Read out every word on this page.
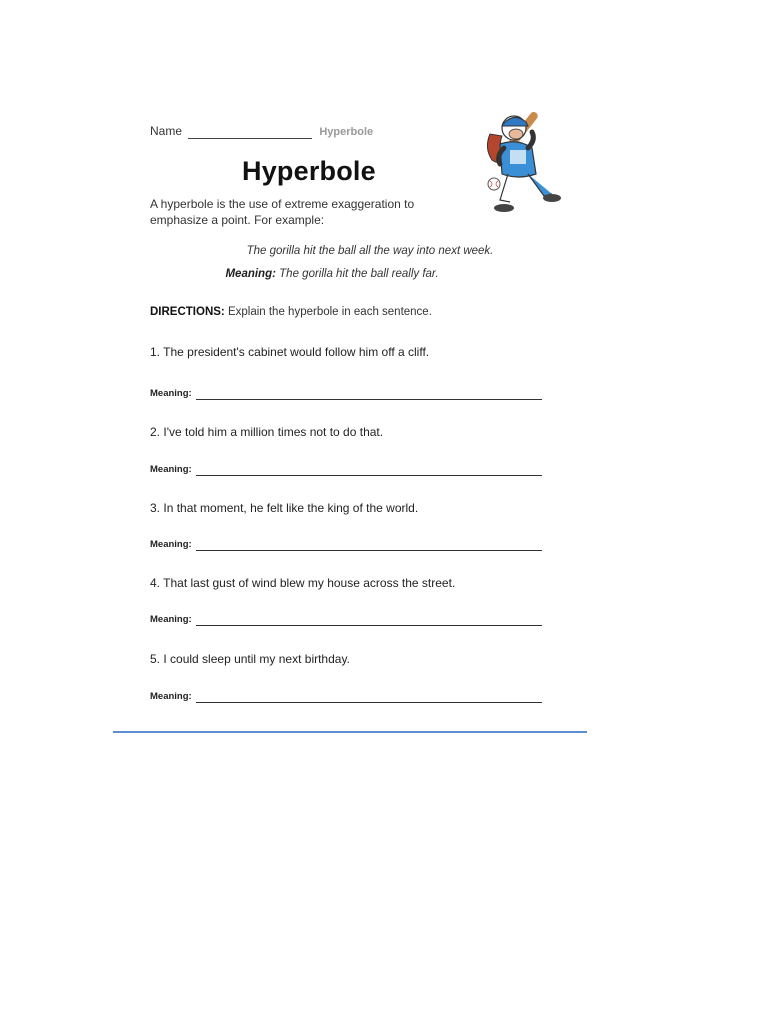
Name	Hyperbole
Hyperbole
A hyperbole is the use of extreme exaggeration to emphasize a point. For example:
The gorilla hit the ball all the way into next week.
Meaning: The gorilla hit the ball really far.
DIRECTIONS: Explain the hyperbole in each sentence.
1. The president's cabinet would follow him off a cliff.
Meaning:
2. I've told him a million times not to do that.
Meaning:
3. In that moment, he felt like the king of the world.
Meaning:
4. That last gust of wind blew my house across the street.
Meaning:
5. I could sleep until my next birthday.
Meaning:
